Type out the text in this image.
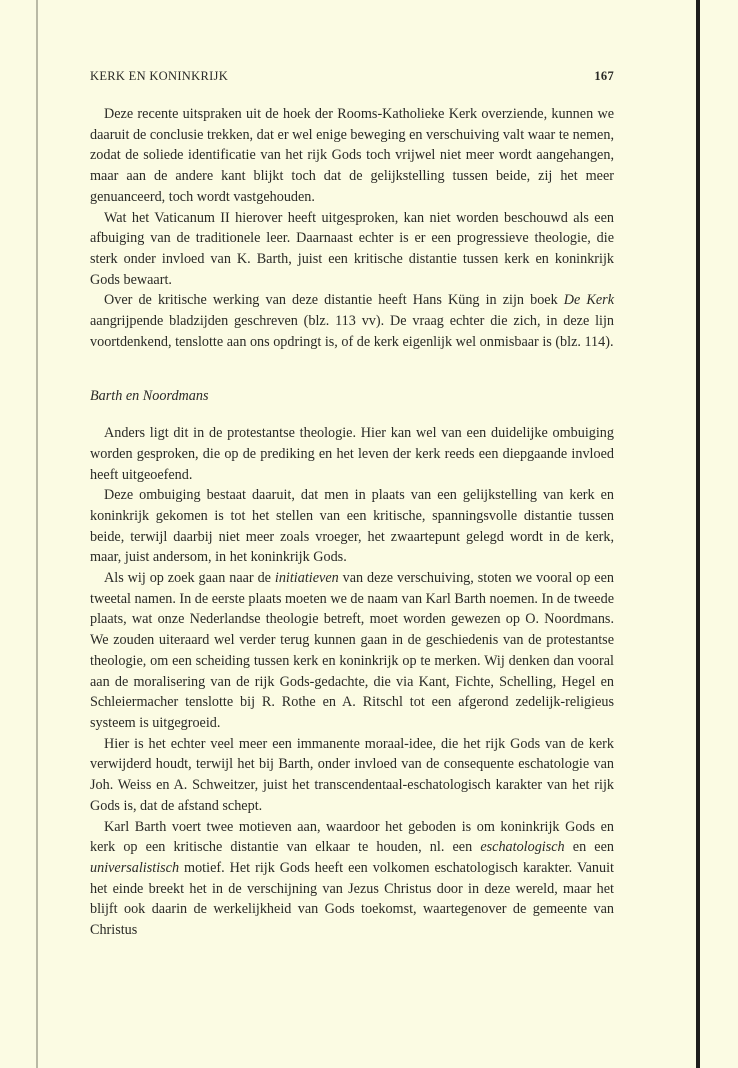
KERK EN KONINKRIJK	167

Deze recente uitspraken uit de hoek der Rooms-Katholieke Kerk overziende, kunnen we daaruit de conclusie trekken, dat er wel enige beweging en verschuiving valt waar te nemen, zodat de soliede identificatie van het rijk Gods toch vrijwel niet meer wordt aangehangen, maar aan de andere kant blijkt toch dat de gelijkstelling tussen beide, zij het meer genuanceerd, toch wordt vastgehouden.

Wat het Vaticanum II hierover heeft uitgesproken, kan niet worden beschouwd als een afbuiging van de traditionele leer. Daarnaast echter is er een progressieve theologie, die sterk onder invloed van K. Barth, juist een kritische distantie tussen kerk en koninkrijk Gods bewaart.

Over de kritische werking van deze distantie heeft Hans Küng in zijn boek De Kerk aangrijpende bladzijden geschreven (blz. 113 vv). De vraag echter die zich, in deze lijn voortdenkend, tenslotte aan ons opdringt is, of de kerk eigenlijk wel onmisbaar is (blz. 114).

Barth en Noordmans

Anders ligt dit in de protestantse theologie. Hier kan wel van een duidelijke ombuiging worden gesproken, die op de prediking en het leven der kerk reeds een diepgaande invloed heeft uitgeoefend.

Deze ombuiging bestaat daaruit, dat men in plaats van een gelijkstelling van kerk en koninkrijk gekomen is tot het stellen van een kritische, spanningsvolle distantie tussen beide, terwijl daarbij niet meer zoals vroeger, het zwaartepunt gelegd wordt in de kerk, maar, juist andersom, in het koninkrijk Gods.

Als wij op zoek gaan naar de initiatieven van deze verschuiving, stoten we vooral op een tweetal namen. In de eerste plaats moeten we de naam van Karl Barth noemen. In de tweede plaats, wat onze Nederlandse theologie betreft, moet worden gewezen op O. Noordmans. We zouden uiteraard wel verder terug kunnen gaan in de geschiedenis van de protestantse theologie, om een scheiding tussen kerk en koninkrijk op te merken. Wij denken dan vooral aan de moralisering van de rijk Gods-gedachte, die via Kant, Fichte, Schelling, Hegel en Schleiermacher tenslotte bij R. Rothe en A. Ritschl tot een afgerond zedelijk-religieus systeem is uitgegroeid.

Hier is het echter veel meer een immanente moraal-idee, die het rijk Gods van de kerk verwijderd houdt, terwijl het bij Barth, onder invloed van de consequente eschatologie van Joh. Weiss en A. Schweitzer, juist het transcendentaal-eschatologisch karakter van het rijk Gods is, dat de afstand schept.

Karl Barth voert twee motieven aan, waardoor het geboden is om koninkrijk Gods en kerk op een kritische distantie van elkaar te houden, nl. een eschatologisch en een universalistisch motief. Het rijk Gods heeft een volkomen eschatologisch karakter. Vanuit het einde breekt het in de verschijning van Jezus Christus door in deze wereld, maar het blijft ook daarin de werkelijkheid van Gods toekomst, waartegenover de gemeente van Christus
